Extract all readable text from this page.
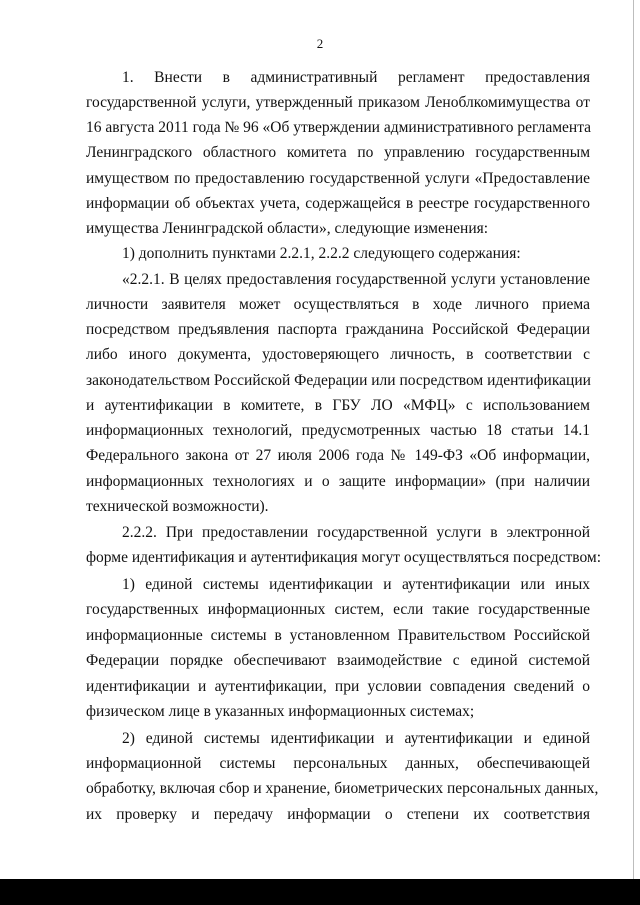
2
1. Внести в административный регламент предоставления
государственной услуги, утвержденный приказом Леноблкомимущества от
16 августа 2011 года № 96 «Об утверждении административного регламента
Ленинградского областного комитета по управлению государственным
имуществом по предоставлению государственной услуги «Предоставление
информации об объектах учета, содержащейся в реестре государственного
имущества Ленинградской области», следующие изменения:
1) дополнить пунктами 2.2.1, 2.2.2 следующего содержания:
«2.2.1. В целях предоставления государственной услуги установление
личности заявителя может осуществляться в ходе личного приема
посредством предъявления паспорта гражданина Российской Федерации
либо иного документа, удостоверяющего личность, в соответствии с
законодательством Российской Федерации или посредством идентификации
и аутентификации в комитете, в ГБУ ЛО «МФЦ» с использованием
информационных технологий, предусмотренных частью 18 статьи 14.1
Федерального закона от 27 июля 2006 года № 149-ФЗ «Об информации,
информационных технологиях и о защите информации» (при наличии
технической возможности).
2.2.2. При предоставлении государственной услуги в электронной
форме идентификация и аутентификация могут осуществляться посредством:
1) единой системы идентификации и аутентификации или иных
государственных информационных систем, если такие государственные
информационные системы в установленном Правительством Российской
Федерации порядке обеспечивают взаимодействие с единой системой
идентификации и аутентификации, при условии совпадения сведений о
физическом лице в указанных информационных системах;
2) единой системы идентификации и аутентификации и единой
информационной системы персональных данных, обеспечивающей
обработку, включая сбор и хранение, биометрических персональных данных,
их проверку и передачу информации о степени их соответствия
